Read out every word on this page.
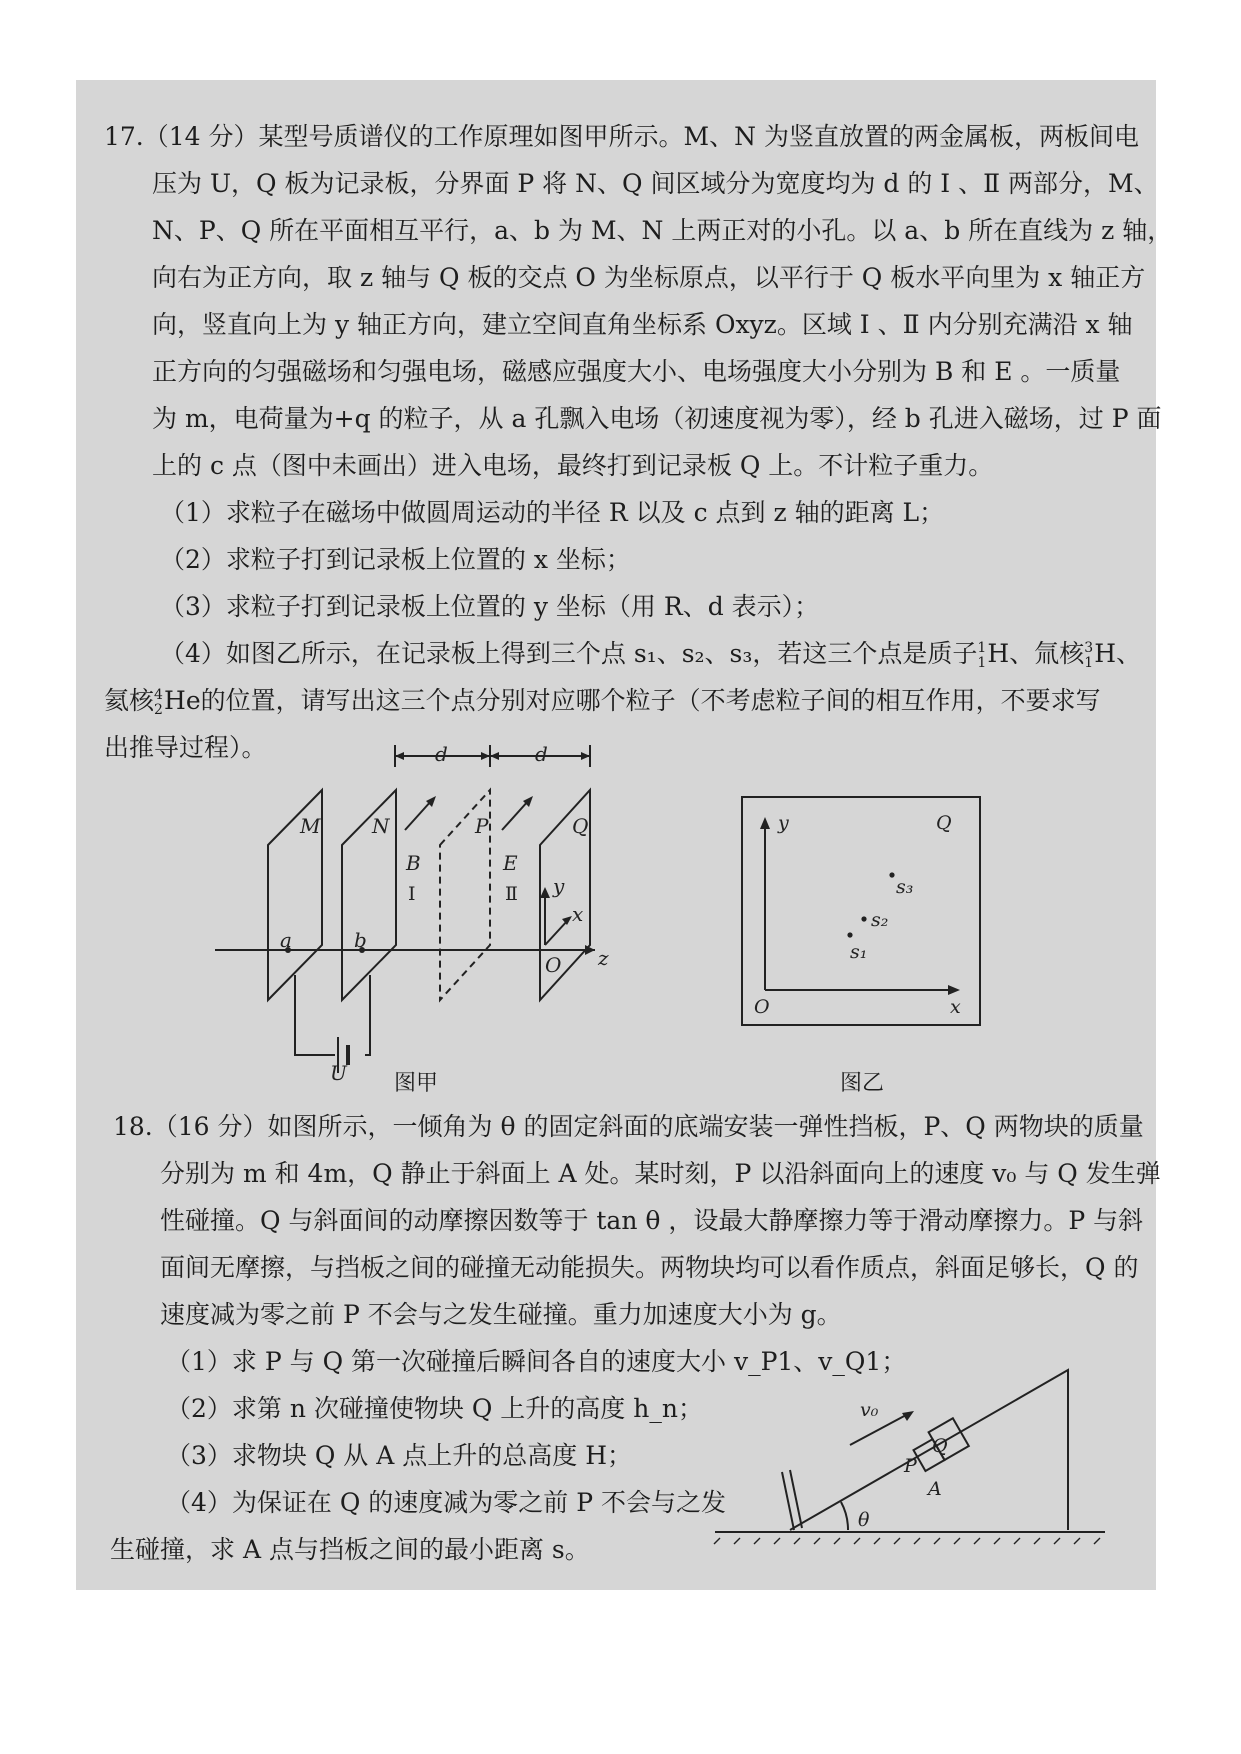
17.（14 分）某型号质谱仪的工作原理如图甲所示。M、N 为竖直放置的两金属板，两板间电
压为 U，Q 板为记录板，分界面 P 将 N、Q 间区域分为宽度均为 d 的 Ⅰ 、Ⅱ 两部分，M、
N、P、Q 所在平面相互平行，a、b 为 M、N 上两正对的小孔。以 a、b 所在直线为 z 轴，
向右为正方向，取 z 轴与 Q 板的交点 O 为坐标原点，以平行于 Q 板水平向里为 x 轴正方
向，竖直向上为 y 轴正方向，建立空间直角坐标系 Oxyz。区域 Ⅰ 、Ⅱ 内分别充满沿 x 轴
正方向的匀强磁场和匀强电场，磁感应强度大小、电场强度大小分别为 B 和 E 。一质量
为 m，电荷量为+q 的粒子，从 a 孔飘入电场（初速度视为零），经 b 孔进入磁场，过 P 面
上的 c 点（图中未画出）进入电场，最终打到记录板 Q 上。不计粒子重力。
（1）求粒子在磁场中做圆周运动的半径 R 以及 c 点到 z 轴的距离 L；
（2）求粒子打到记录板上位置的 x 坐标；
（3）求粒子打到记录板上位置的 y 坐标（用 R、d 表示）；
（4）如图乙所示，在记录板上得到三个点 s₁、s₂、s₃，若这三个点是质子 1
1 H、氚核 3
1 H、
氦核 4
2 He的位置，请写出这三个点分别对应哪个粒子（不考虑粒子间的相互作用，不要求写
出推导过程）。	d	d
M	N	P	Q
a	b
B	E
y
x
z
O
U
Ⅰ	Ⅱ
图甲
y	Q
O	x
s₁
s₂
s₃
图乙
18.（16 分）如图所示，一倾角为 θ 的固定斜面的底端安装一弹性挡板，P、Q 两物块的质量
分别为 m 和 4m，Q 静止于斜面上 A 处。某时刻，P 以沿斜面向上的速度 v₀ 与 Q 发生弹
性碰撞。Q 与斜面间的动摩擦因数等于 tan θ ，设最大静摩擦力等于滑动摩擦力。P 与斜
面间无摩擦，与挡板之间的碰撞无动能损失。两物块均可以看作质点，斜面足够长，Q 的
速度减为零之前 P 不会与之发生碰撞。重力加速度大小为 g。
（1）求 P 与 Q 第一次碰撞后瞬间各自的速度大小 v_P1、v_Q1；
（2）求第 n 次碰撞使物块 Q 上升的高度 h_n；
（3）求物块 Q 从 A 点上升的总高度 H；
（4）为保证在 Q 的速度减为零之前 P 不会与之发
生碰撞，求 A 点与挡板之间的最小距离 s。
v₀
P
Q
A
θ
